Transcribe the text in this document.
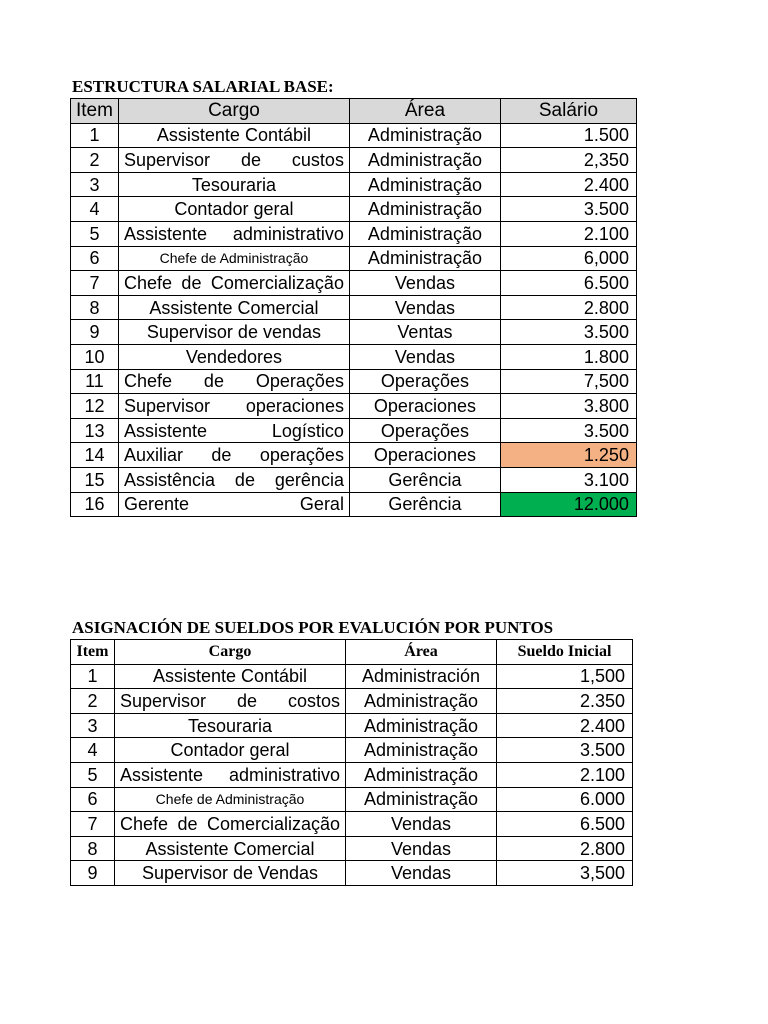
ESTRUCTURA SALARIAL BASE:
Item	Cargo	Área	Salário
1	Assistente Contábil	Administração	1.500
2	Supervisor de custos	Administração	2,350
3	Tesouraria	Administração	2.400
4	Contador geral	Administração	3.500
5	Assistente administrativo	Administração	2.100
6	Chefe de Administração	Administração	6,000
7	Chefe de Comercialização	Vendas	6.500
8	Assistente Comercial	Vendas	2.800
9	Supervisor de vendas	Ventas	3.500
10	Vendedores	Vendas	1.800
11	Chefe de Operações	Operações	7,500
12	Supervisor operaciones	Operaciones	3.800
13	Assistente Logístico	Operações	3.500
14	Auxiliar de operações	Operaciones	1.250
15	Assistência de gerência	Gerência	3.100
16	Gerente Geral	Gerência	12.000
ASIGNACIÓN DE SUELDOS POR EVALUCIÓN POR PUNTOS
Item	Cargo	Área	Sueldo Inicial
1	Assistente Contábil	Administración	1,500
2	Supervisor de costos	Administração	2.350
3	Tesouraria	Administração	2.400
4	Contador geral	Administração	3.500
5	Assistente administrativo	Administração	2.100
6	Chefe de Administração	Administração	6.000
7	Chefe de Comercialização	Vendas	6.500
8	Assistente Comercial	Vendas	2.800
9	Supervisor de Vendas	Vendas	3,500
